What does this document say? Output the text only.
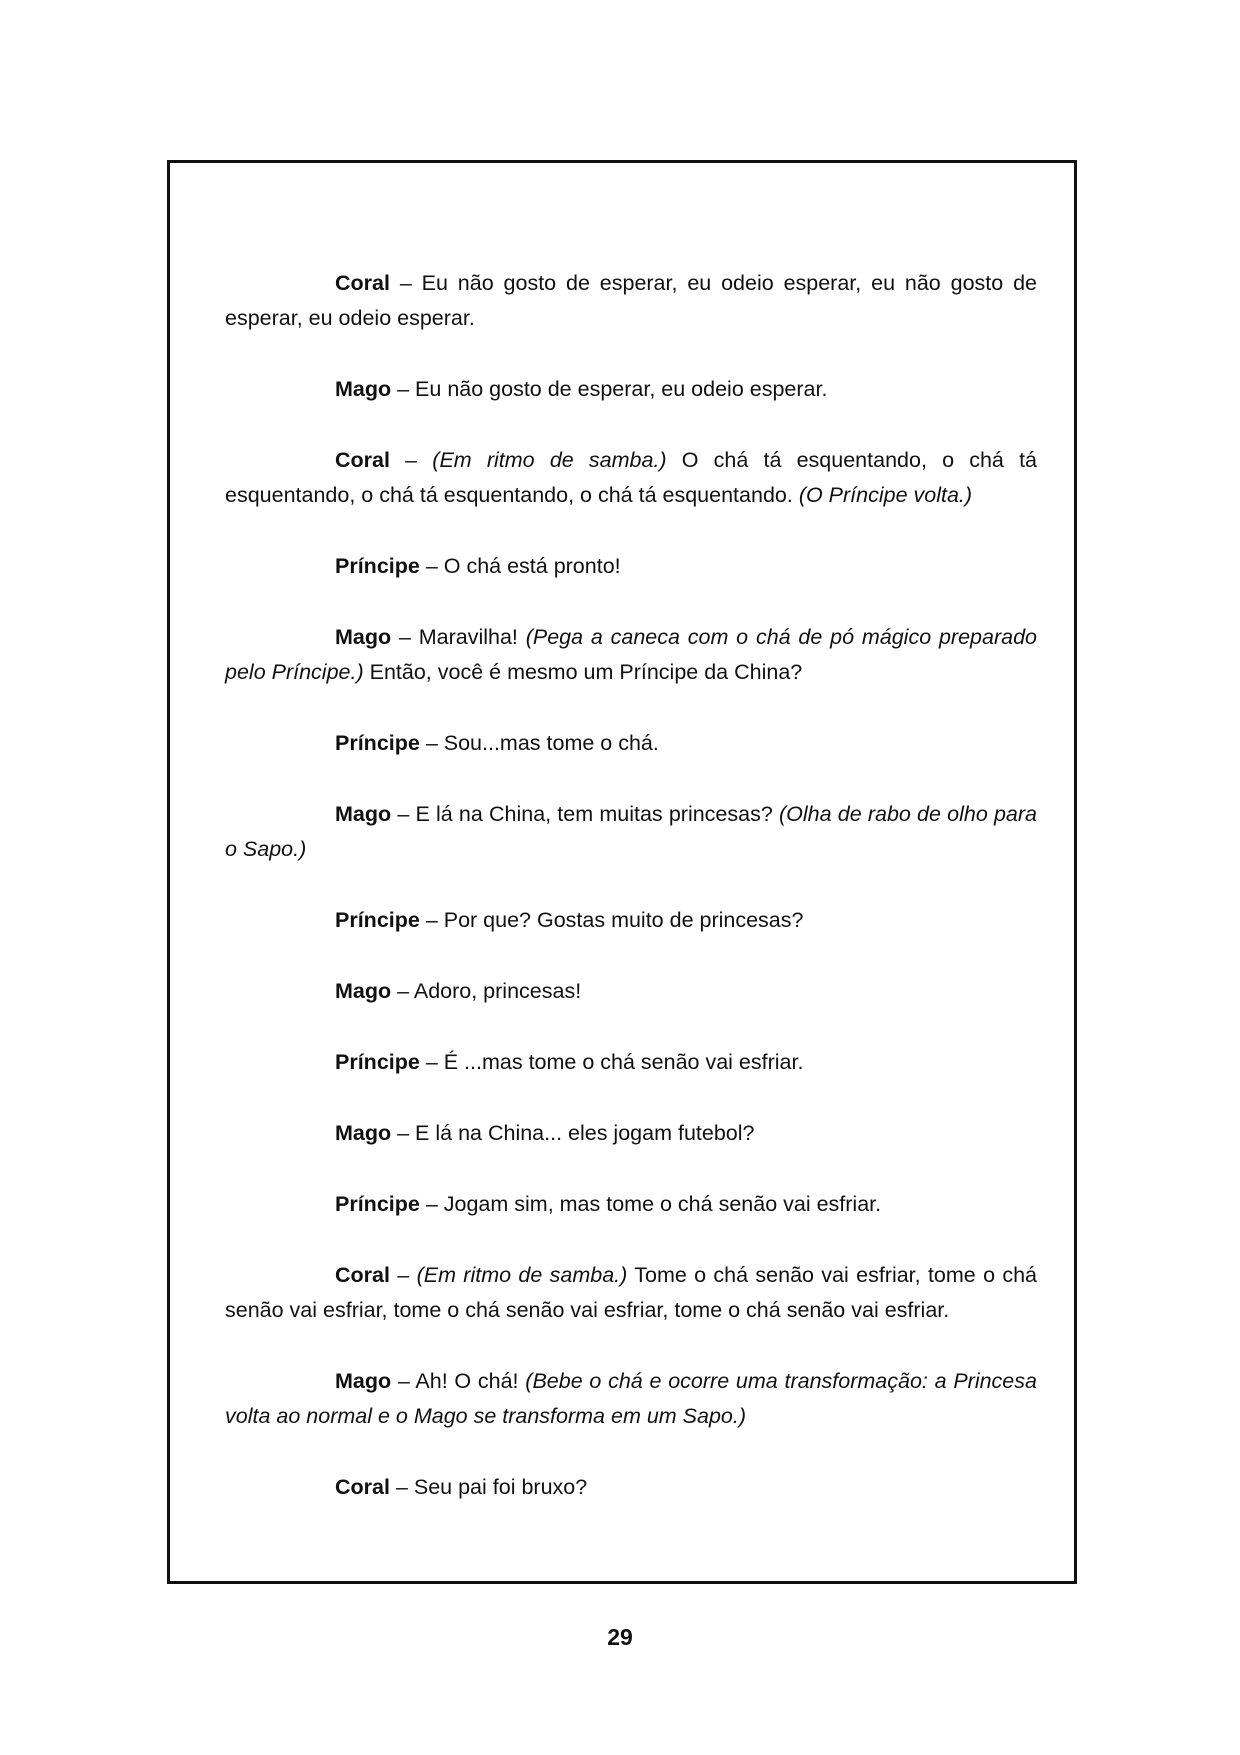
Coral – Eu não gosto de esperar, eu odeio esperar, eu não gosto de esperar, eu odeio esperar.

Mago – Eu não gosto de esperar, eu odeio esperar.

Coral – (Em ritmo de samba.) O chá tá esquentando, o chá tá esquentando, o chá tá esquentando, o chá tá esquentando. (O Príncipe volta.)

Príncipe – O chá está pronto!

Mago – Maravilha! (Pega a caneca com o chá de pó mágico preparado pelo Príncipe.) Então, você é mesmo um Príncipe da China?

Príncipe – Sou...mas tome o chá.

Mago – E lá na China, tem muitas princesas? (Olha de rabo de olho para o Sapo.)

Príncipe – Por que? Gostas muito de princesas?

Mago – Adoro, princesas!

Príncipe – É ...mas tome o chá senão vai esfriar.

Mago – E lá na China... eles jogam futebol?

Príncipe – Jogam sim, mas tome o chá senão vai esfriar.

Coral – (Em ritmo de samba.) Tome o chá senão vai esfriar, tome o chá senão vai esfriar, tome o chá senão vai esfriar, tome o chá senão vai esfriar.

Mago – Ah! O chá! (Bebe o chá e ocorre uma transformação: a Princesa volta ao normal e o Mago se transforma em um Sapo.)

Coral – Seu pai foi bruxo?

29
